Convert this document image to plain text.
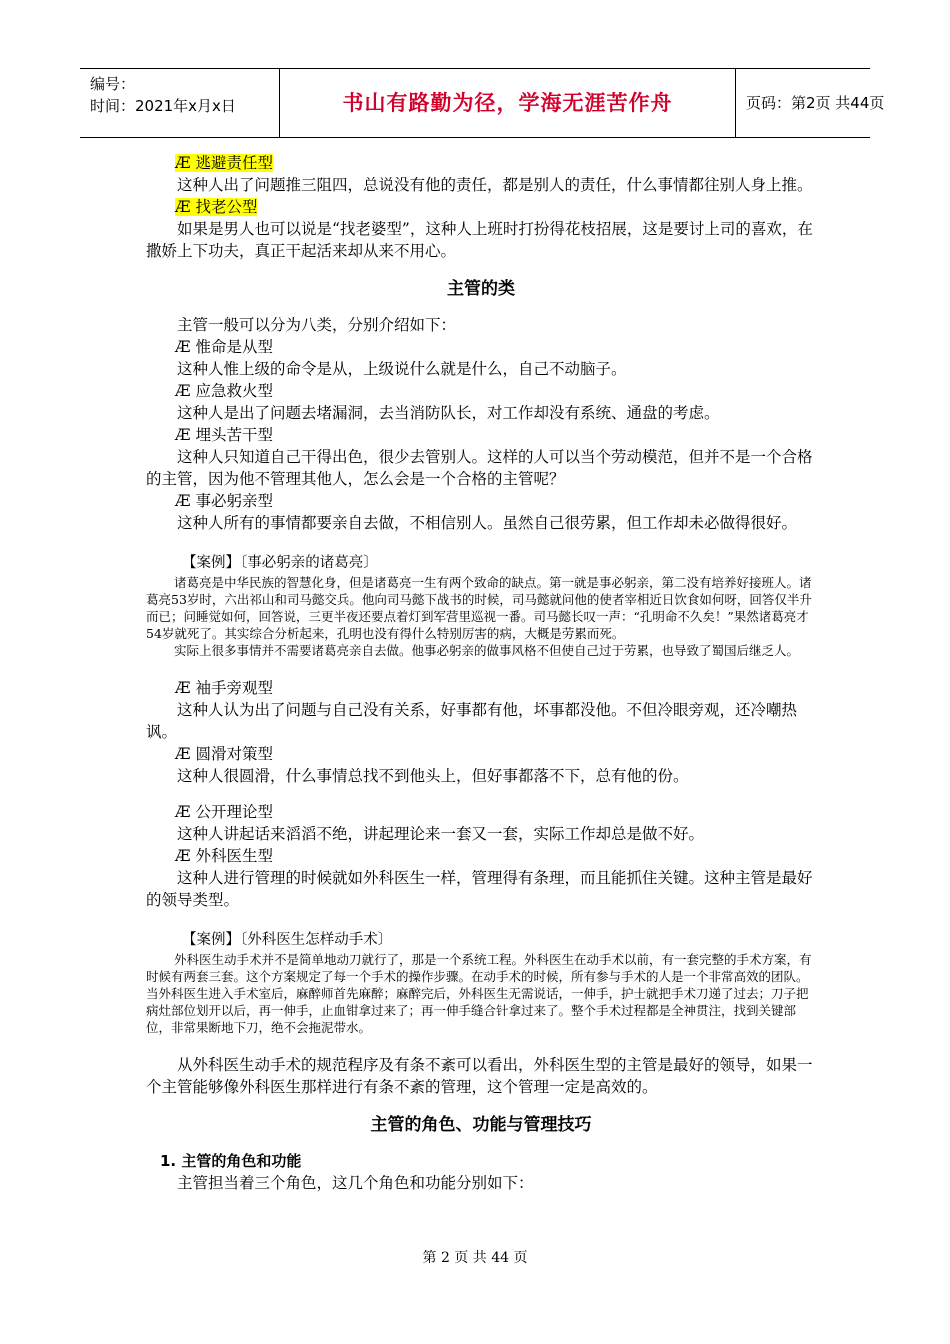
编号：
时间：2021年x月x日	书山有路勤为径，学海无涯苦作舟	页码：第2页 共44页
Æ 逃避责任型
这种人出了问题推三阻四，总说没有他的责任，都是别人的责任，什么事情都往别人身上推。
Æ 找老公型
如果是男人也可以说是“找老婆型”，这种人上班时打扮得花枝招展，这是要讨上司的喜欢，在撒娇上下功夫，真正干起活来却从来不用心。
主管的类
主管一般可以分为八类，分别介绍如下：
Æ 惟命是从型
这种人惟上级的命令是从，上级说什么就是什么，自己不动脑子。
Æ 应急救火型
这种人是出了问题去堵漏洞，去当消防队长，对工作却没有系统、通盘的考虑。
Æ 埋头苦干型
这种人只知道自己干得出色，很少去管别人。这样的人可以当个劳动模范，但并不是一个合格的主管，因为他不管理其他人，怎么会是一个合格的主管呢？
Æ 事必躬亲型
这种人所有的事情都要亲自去做，不相信别人。虽然自己很劳累，但工作却未必做得很好。
【案例】〔事必躬亲的诸葛亮〕
诸葛亮是中华民族的智慧化身，但是诸葛亮一生有两个致命的缺点。第一就是事必躬亲，第二没有培养好接班人。诸葛亮53岁时，六出祁山和司马懿交兵。他向司马懿下战书的时候，司马懿就问他的使者宰相近日饮食如何呀，回答仅半升而已；问睡觉如何，回答说，三更半夜还要点着灯到军营里巡视一番。司马懿长叹一声：“孔明命不久矣！”果然诸葛亮才54岁就死了。其实综合分析起来，孔明也没有得什么特别厉害的病，大概是劳累而死。
实际上很多事情并不需要诸葛亮亲自去做。他事必躬亲的做事风格不但使自己过于劳累，也导致了蜀国后继乏人。
Æ 袖手旁观型
这种人认为出了问题与自己没有关系，好事都有他，坏事都没他。不但冷眼旁观，还冷嘲热讽。
Æ 圆滑对策型
这种人很圆滑，什么事情总找不到他头上，但好事都落不下，总有他的份。
Æ 公开理论型
这种人讲起话来滔滔不绝，讲起理论来一套又一套，实际工作却总是做不好。
Æ 外科医生型
这种人进行管理的时候就如外科医生一样，管理得有条理，而且能抓住关键。这种主管是最好的领导类型。
【案例】〔外科医生怎样动手术〕
外科医生动手术并不是简单地动刀就行了，那是一个系统工程。外科医生在动手术以前，有一套完整的手术方案，有时候有两套三套。这个方案规定了每一个手术的操作步骤。在动手术的时候，所有参与手术的人是一个非常高效的团队。当外科医生进入手术室后，麻醉师首先麻醉；麻醉完后，外科医生无需说话，一伸手，护士就把手术刀递了过去；刀子把病灶部位划开以后，再一伸手，止血钳拿过来了；再一伸手缝合针拿过来了。整个手术过程都是全神贯注，找到关键部位，非常果断地下刀，绝不会拖泥带水。
从外科医生动手术的规范程序及有条不紊可以看出，外科医生型的主管是最好的领导，如果一个主管能够像外科医生那样进行有条不紊的管理，这个管理一定是高效的。
主管的角色、功能与管理技巧
1. 主管的角色和功能
主管担当着三个角色，这几个角色和功能分别如下：
第 2 页 共 44 页
